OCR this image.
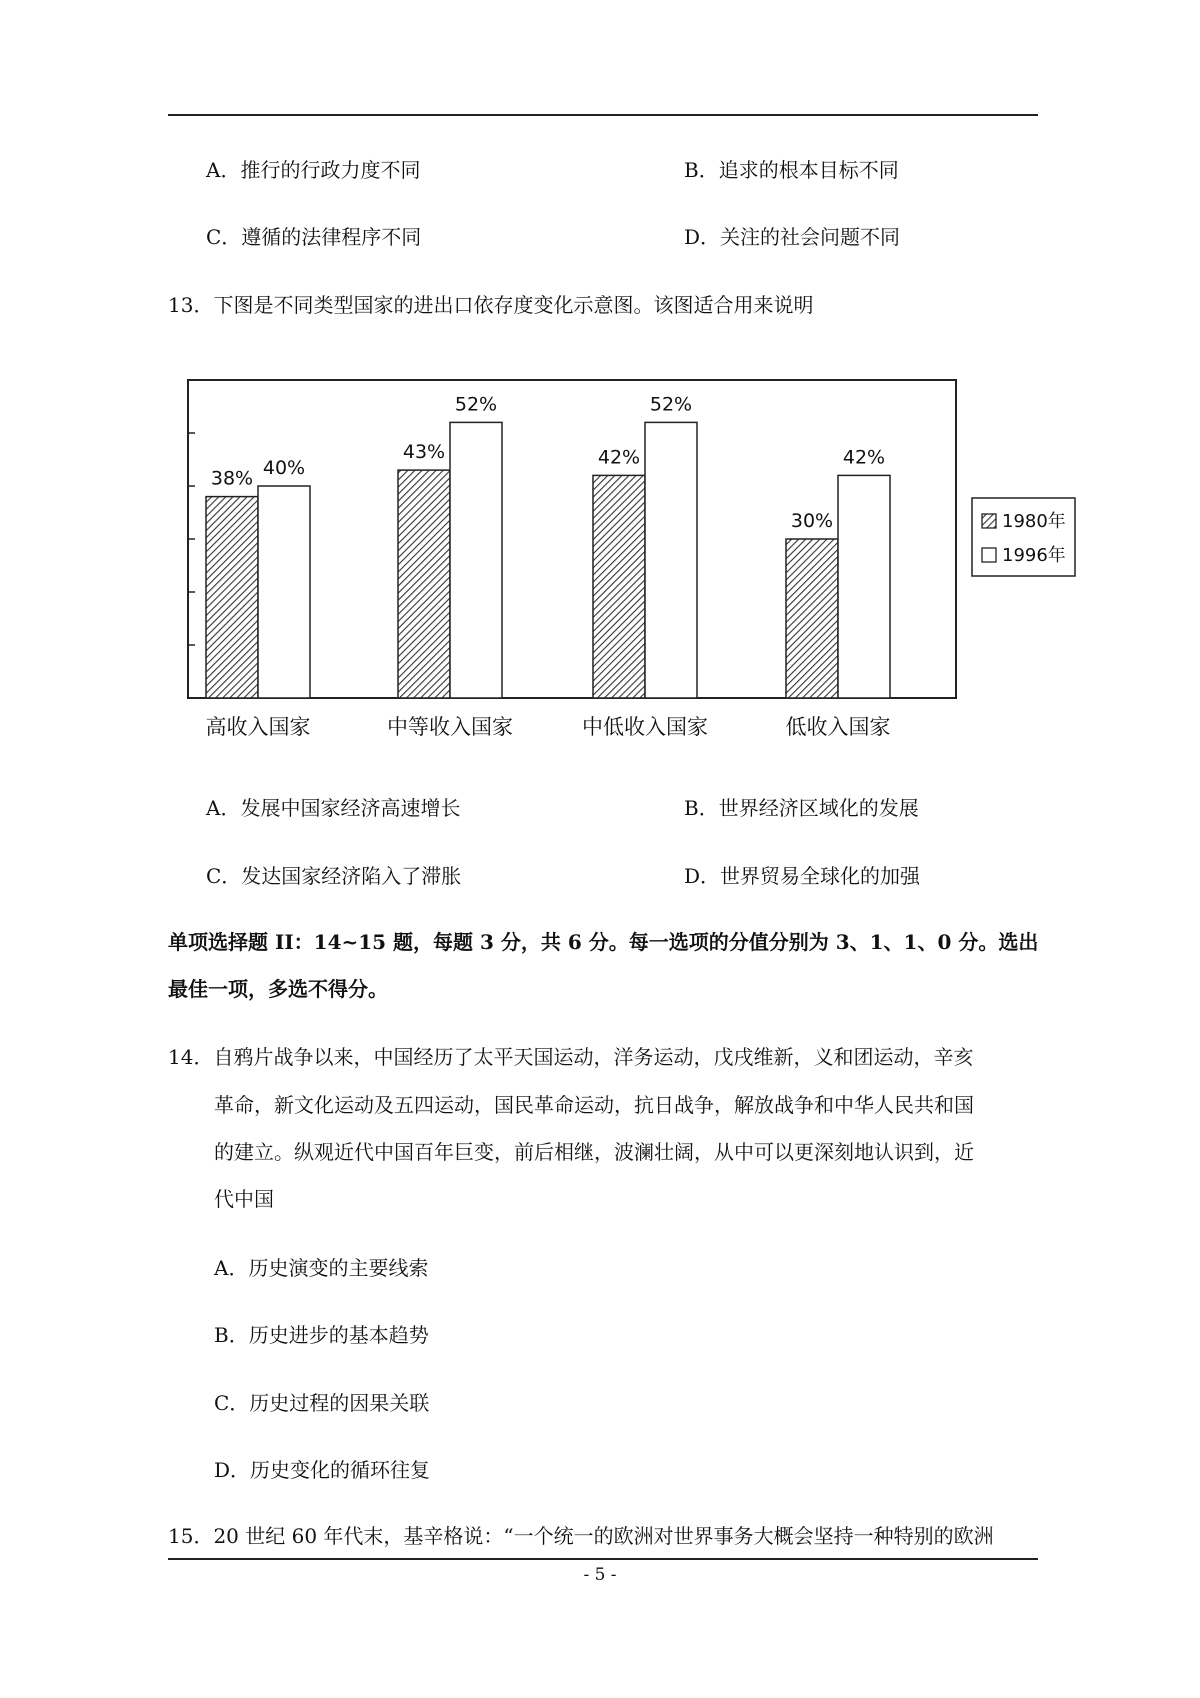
A．推行的行政力度不同	B．追求的根本目标不同
C．遵循的法律程序不同	D．关注的社会问题不同
13．下图是不同类型国家的进出口依存度变化示意图。该图适合用来说明
38% 40%
43%
52%
42%
52%
30%
42%
高收入国家	中等收入国家	中低收入国家	低收入国家
1980年
1996年
A．发展中国家经济高速增长	B．世界经济区域化的发展
C．发达国家经济陷入了滞胀	D．世界贸易全球化的加强
单项选择题 II：14~15 题，每题 3 分，共 6 分。每一选项的分值分别为 3、1、1、0 分。选出
最佳一项，多选不得分。
14．自鸦片战争以来，中国经历了太平天国运动，洋务运动，戊戌维新，义和团运动，辛亥
革命，新文化运动及五四运动，国民革命运动，抗日战争，解放战争和中华人民共和国
的建立。纵观近代中国百年巨变，前后相继，波澜壮阔，从中可以更深刻地认识到，近
代中国
A．历史演变的主要线索
B．历史进步的基本趋势
C．历史过程的因果关联
D．历史变化的循环往复
15．20 世纪 60 年代末，基辛格说：“一个统一的欧洲对世界事务大概会坚持一种特别的欧洲
- 5 -
